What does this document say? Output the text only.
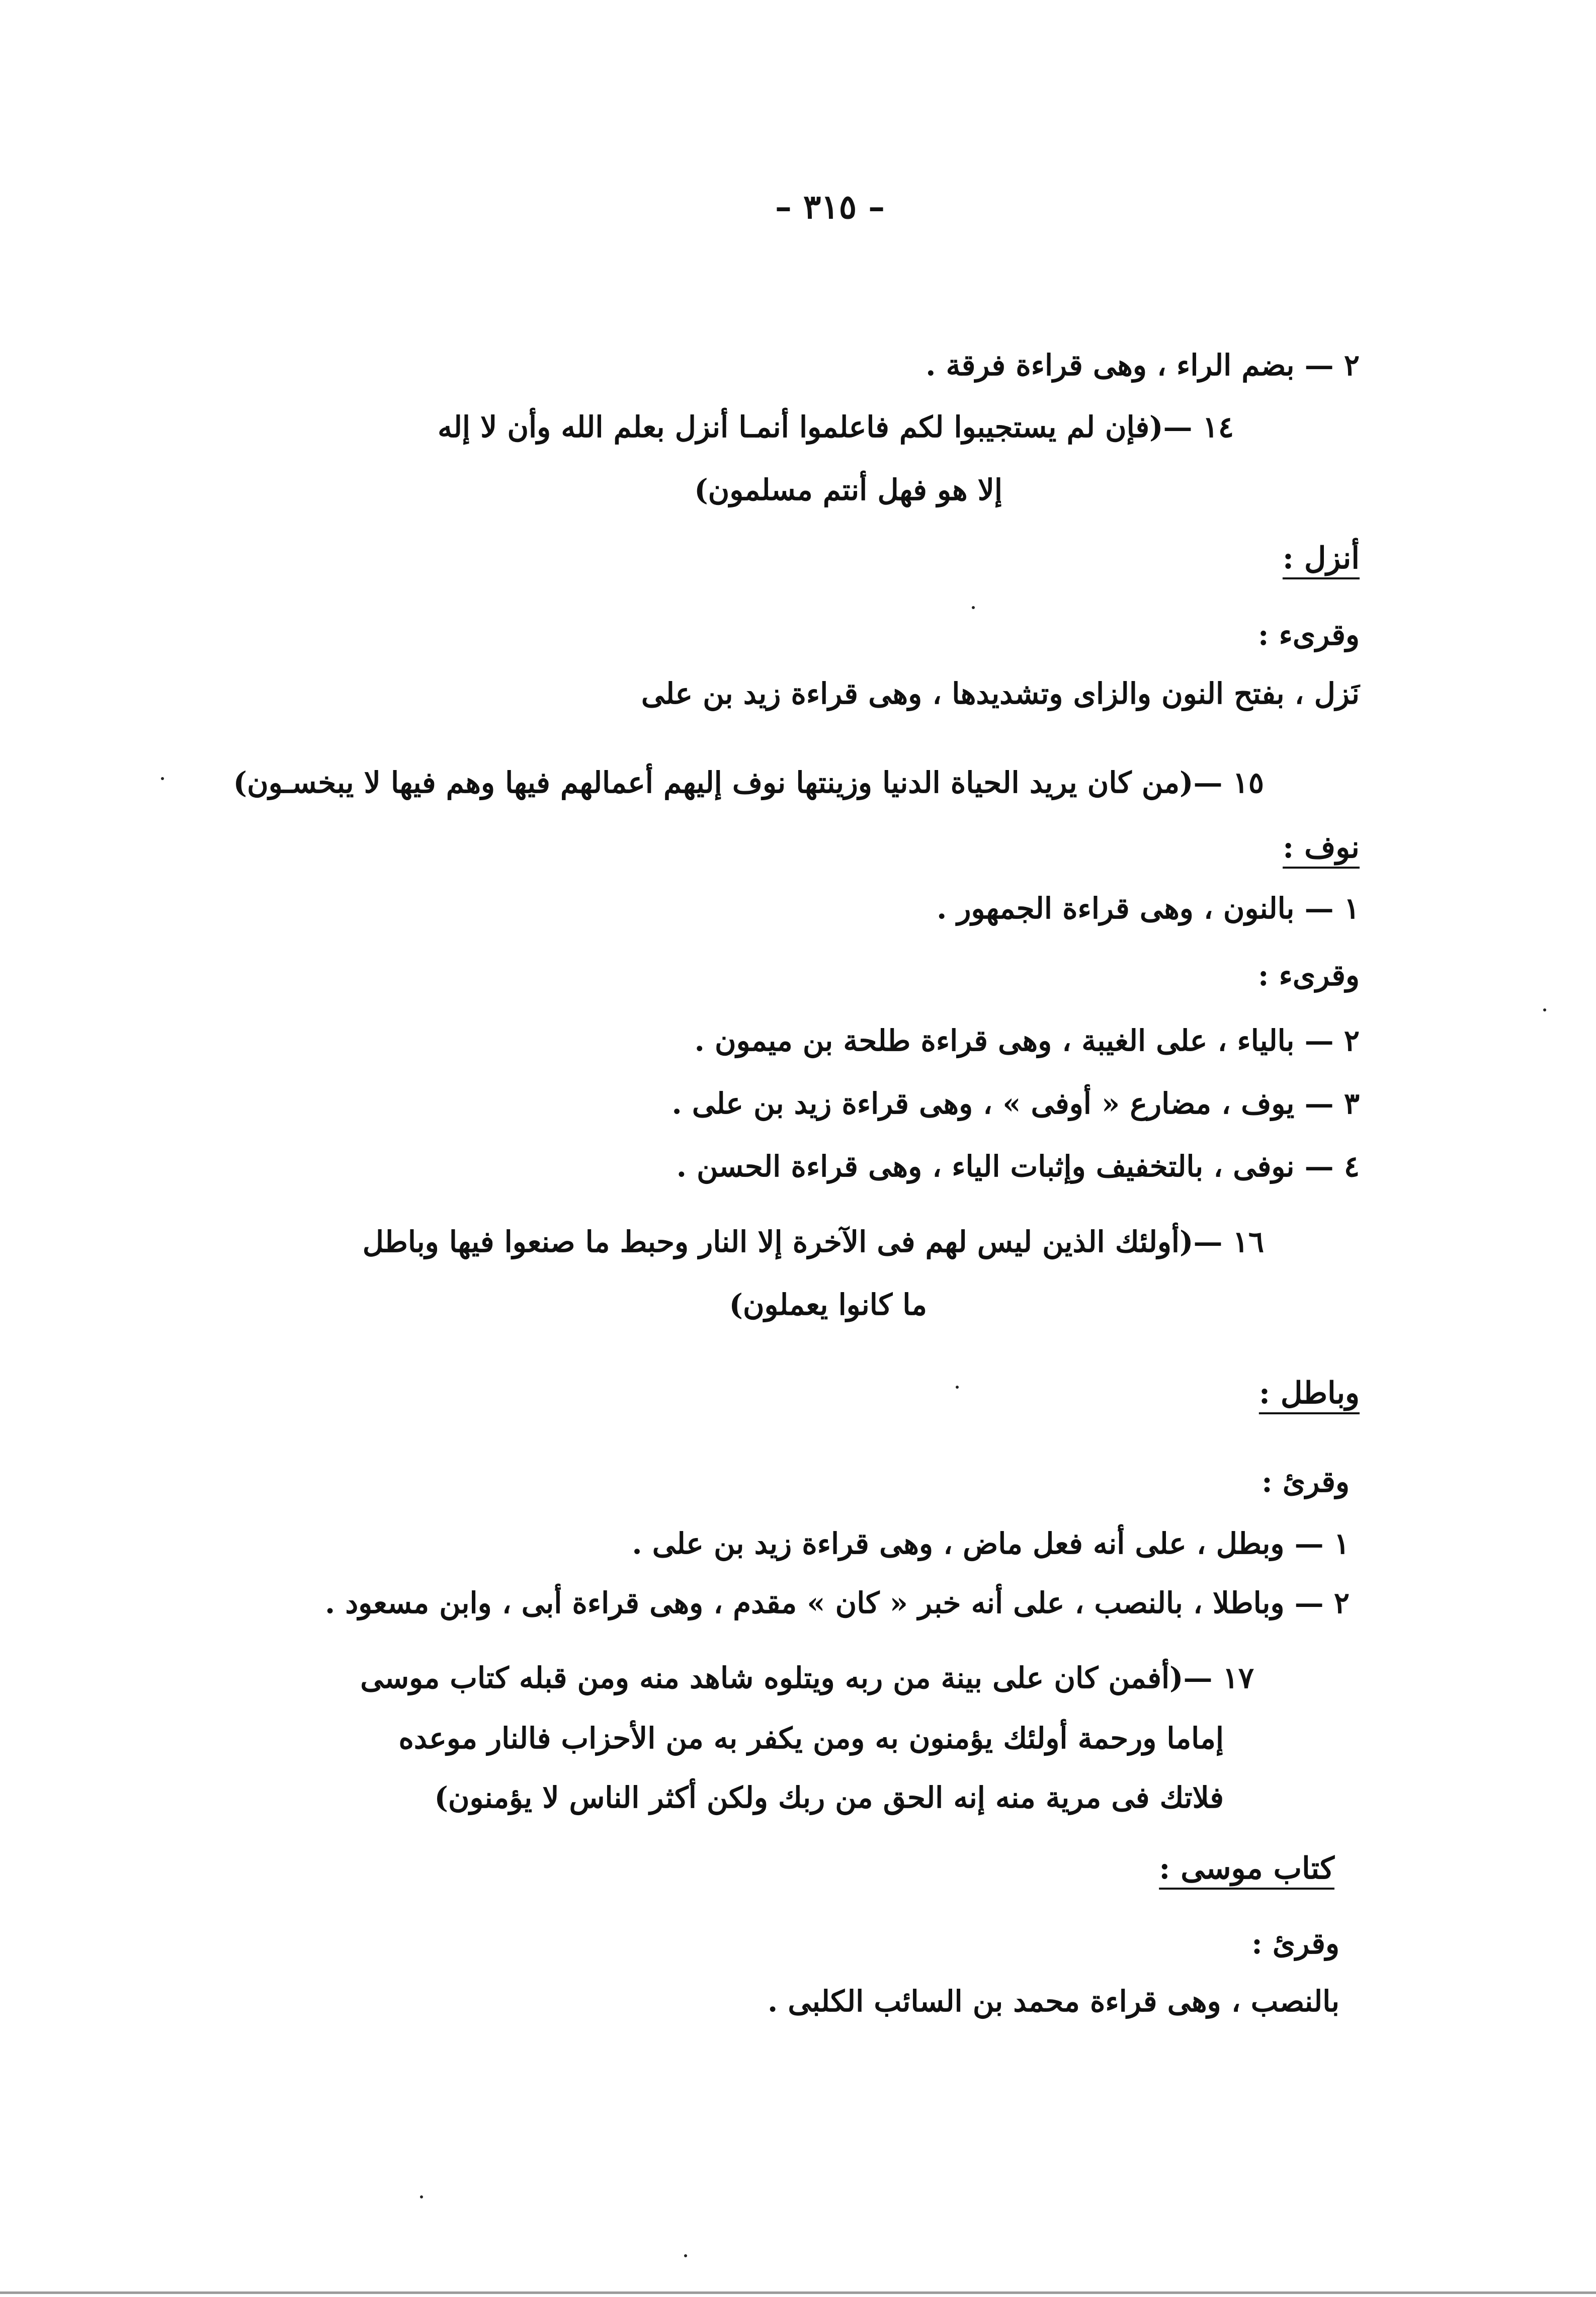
– ٣١٥ –
٢ — بضم الراء ، وهى قراءة فرقة .
١٤ —(فإن لم يستجيبوا لكم فاعلموا أنمـا أنزل بعلم الله وأن لا إله
إلا هو فهل أنتم مسلمون)
أنزل :
وقرىء :
نَزل ، بفتح النون والزاى وتشديدها ، وهى قراءة زيد بن على
١٥ —(من كان يريد الحياة الدنيا وزينتها نوف إليهم أعمالهم فيها وهم فيها لا يبخسـون)
نوف :
١ — بالنون ، وهى قراءة الجمهور .
وقرىء :
٢ — بالياء ، على الغيبة ، وهى قراءة طلحة بن ميمون .
٣ — يوف ، مضارع « أوفى » ، وهى قراءة زيد بن على .
٤ — نوفى ، بالتخفيف وإثبات الياء ، وهى قراءة الحسن .
١٦ —(أولئك الذين ليس لهم فى الآخرة إلا النار وحبط ما صنعوا فيها وباطل
ما كانوا يعملون)
وباطل :
وقرئ :
١ — وبطل ، على أنه فعل ماض ، وهى قراءة زيد بن على .
٢ — وباطلا ، بالنصب ، على أنه خبر « كان » مقدم ، وهى قراءة أبى ، وابن مسعود .
١٧ —(أفمن كان على بينة من ربه ويتلوه شاهد منه ومن قبله كتاب موسى
إماما ورحمة أولئك يؤمنون به ومن يكفر به من الأحزاب فالنار موعده
فلاتك فى مرية منه إنه الحق من ربك ولكن أكثر الناس لا يؤمنون)
كتاب موسى :
وقرئ :
بالنصب ، وهى قراءة محمد بن السائب الكلبى .
